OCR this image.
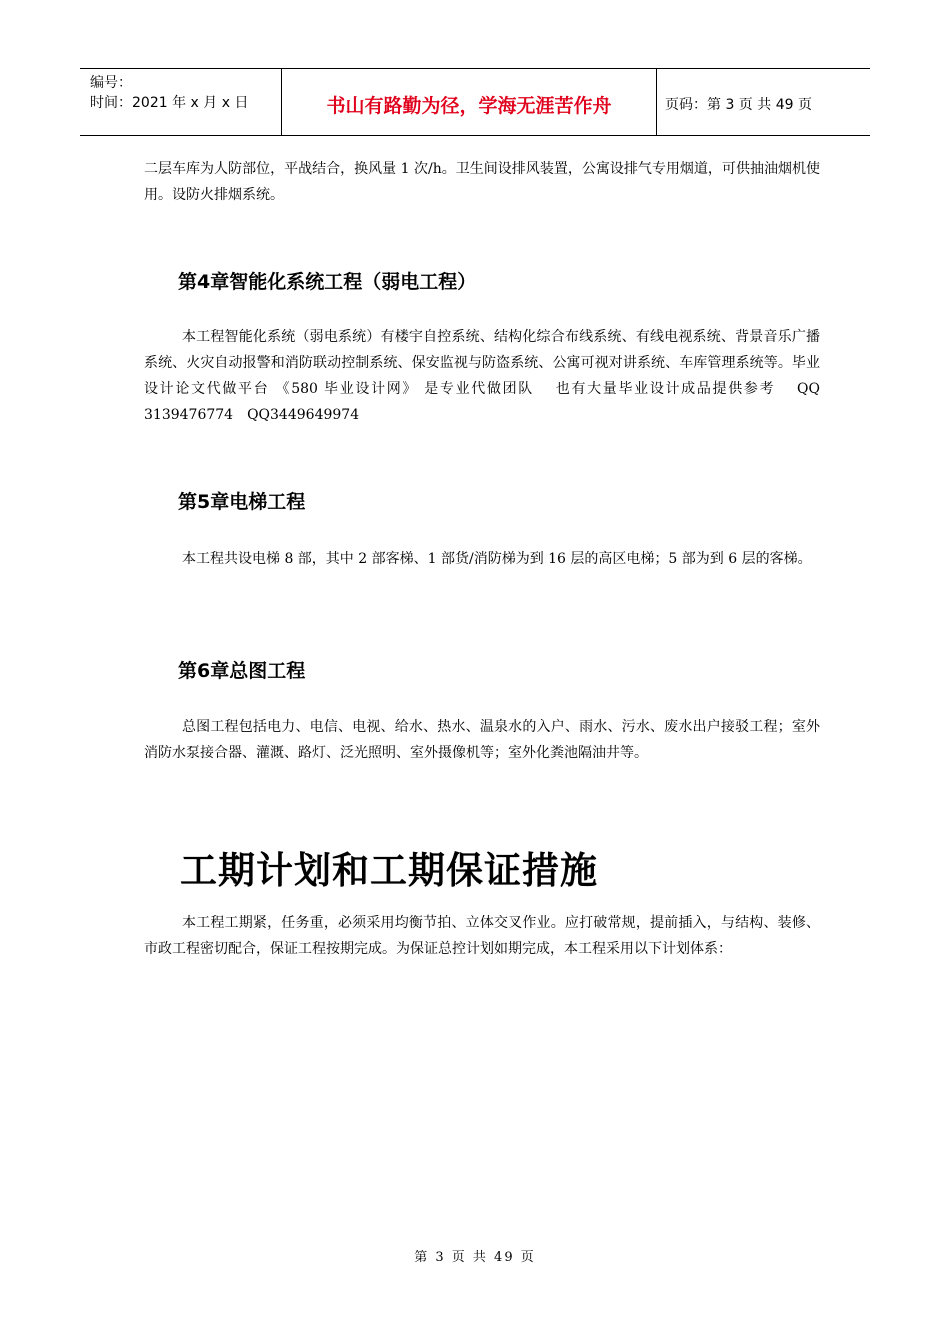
编号：
时间：2021 年 x 月 x 日	书山有路勤为径，学海无涯苦作舟	页码：第 3 页 共 49 页

二层车库为人防部位，平战结合，换风量 1 次/h。卫生间设排风装置，公寓设排气专用烟道，可供抽油烟机使用。设防火排烟系统。

第4章智能化系统工程（弱电工程）

本工程智能化系统（弱电系统）有楼宇自控系统、结构化综合布线系统、有线电视系统、背景音乐广播系统、火灾自动报警和消防联动控制系统、保安监视与防盗系统、公寓可视对讲系统、车库管理系统等。毕业设计论文代做平台 《580 毕业设计网》 是专业代做团队　 也有大量毕业设计成品提供参考　 QQ 3139476774　QQ3449649974

第5章电梯工程

本工程共设电梯 8 部，其中 2 部客梯、1 部货/消防梯为到 16 层的高区电梯；5 部为到 6 层的客梯。

第6章总图工程

总图工程包括电力、电信、电视、给水、热水、温泉水的入户、雨水、污水、废水出户接驳工程；室外消防水泵接合器、灌溉、路灯、泛光照明、室外摄像机等；室外化粪池隔油井等。

工期计划和工期保证措施

本工程工期紧，任务重，必须采用均衡节拍、立体交叉作业。应打破常规，提前插入，与结构、装修、市政工程密切配合，保证工程按期完成。为保证总控计划如期完成，本工程采用以下计划体系：

第 3 页 共 49 页
